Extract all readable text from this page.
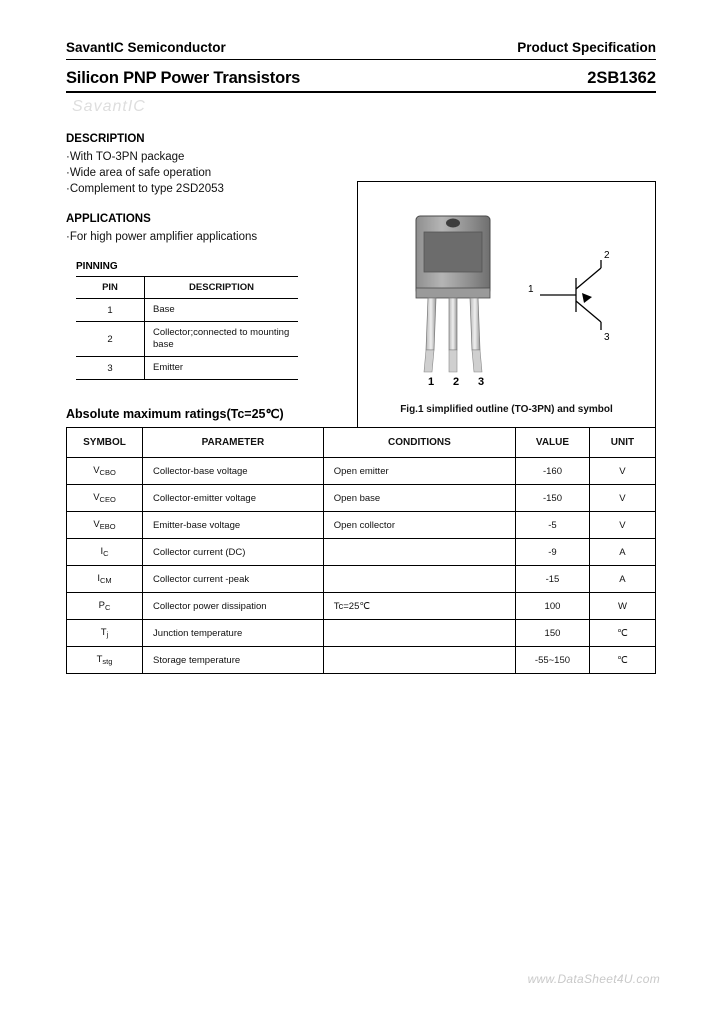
SavantIC Semiconductor	Product Specification
Silicon PNP Power Transistors	2SB1362
DESCRIPTION
·With TO-3PN package
·Wide area of safe operation
·Complement to type 2SD2053
APPLICATIONS
·For high power amplifier applications
PINNING
PIN	DESCRIPTION
1	Base
2	Collector;connected to mounting base
3	Emitter
1 2 3
1
2
3
Fig.1 simplified outline (TO-3PN) and symbol
Absolute maximum ratings(Tc=25℃)
SYMBOL	PARAMETER	CONDITIONS	VALUE	UNIT
$V_{CBO}$	Collector-base voltage	Open emitter	-160	V
$V_{CEO}$	Collector-emitter voltage	Open base	-150	V
$V_{EBO}$	Emitter-base voltage	Open collector	-5	V
$I_C$	Collector current (DC)		-9	A
$I_{CM}$	Collector current -peak		-15	A
$P_C$	Collector power dissipation	Tc=25℃	100	W
$T_j$	Junction temperature		150	℃
$T_{stg}$	Storage temperature		-55~150	℃
SavantIC
www.DataSheet4U.com
